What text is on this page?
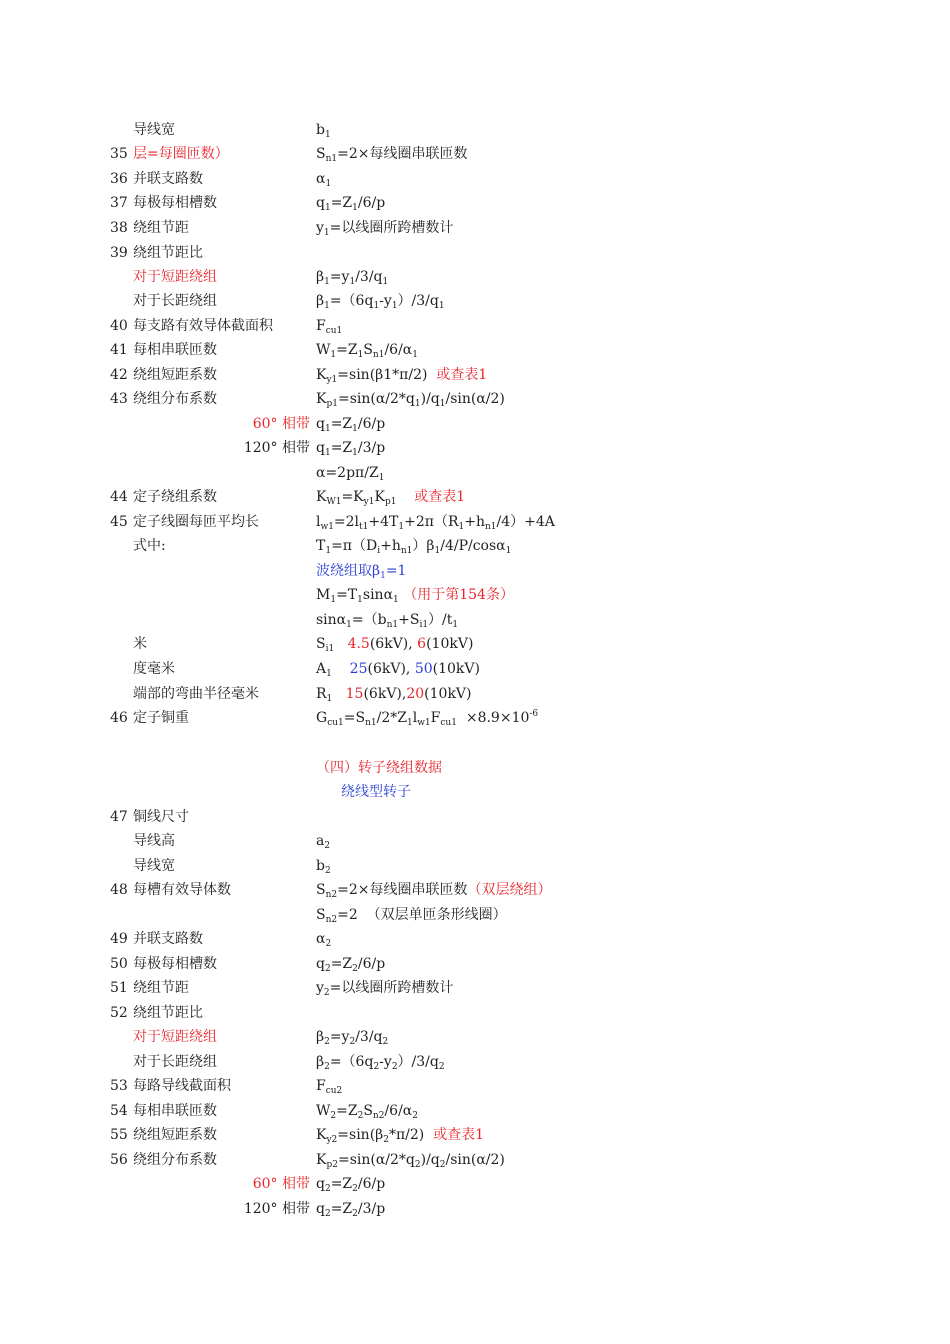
导线宽	$b_1$
35 层=每圈匝数）	$S_{n1}=2\times$每线圈串联匝数
36 并联支路数	$\alpha_1$
37 每极每相槽数	$q_1=Z_1/6/p$
38 绕组节距	$y_1=$以线圈所跨槽数计
39 绕组节距比
对于短距绕组	$\beta_1=y_1/3/q_1$
对于长距绕组	$\beta_1=(6q_1-y_1)/3/q_1$
40 每支路有效导体截面积	$F_{cu1}$
41 每相串联匝数	$W_1=Z_1S_{n1}/6/\alpha_1$
42 绕组短距系数	$K_{y1}=\sin(\beta 1*\pi/2)$ 或查表1
43 绕组分布系数	$K_{p1}=\sin(\alpha/2*q_1)/q_1/\sin(\alpha/2)$
60° 相带 $q_1=Z_1/6/p$
120° 相带 $q_1=Z_1/3/p$
$\alpha=2p\pi/Z_1$
44 定子绕组系数	$K_{W1}=K_{y1}K_{p1}$ 或查表1
45 定子线圈每匝平均长	$l_{w1}=2l_{t1}+4T_1+2\pi(R_1+h_{n1}/4)+4A$
式中:	$T_1=\pi(D_i+h_{n1})\beta_1/4/P/\cos\alpha_1$
波绕组取$\beta_1=1$
$M_1=T_1\sin\alpha_1$ （用于第154条）
$\sin\alpha_1=(b_{n1}+S_{i1})/t_1$
米	$S_{i1}$ 4.5(6kV), 6(10kV)
度毫米	$A_1$ 25(6kV), 50(10kV)
端部的弯曲半径毫米	$R_1$ 15(6kV),20(10kV)
46 定子铜重	$G_{cu1}=S_{n1}/2*Z_1l_{w1}F_{cu1} \times 8.9\times 10^{-6}$
（四）转子绕组数据
绕线型转子
47 铜线尺寸
导线高	$a_2$
导线宽	$b_2$
48 每槽有效导体数	$S_{n2}=2\times$每线圈串联匝数（双层绕组）
$S_{n2}=2$  （双层单匝条形线圈）
49 并联支路数	$\alpha_2$
50 每极每相槽数	$q_2=Z_2/6/p$
51 绕组节距	$y_2=$以线圈所跨槽数计
52 绕组节距比
对于短距绕组	$\beta_2=y_2/3/q_2$
对于长距绕组	$\beta_2=(6q_2-y_2)/3/q_2$
53 每路导线截面积	$F_{cu2}$
54 每相串联匝数	$W_2=Z_2S_{n2}/6/\alpha_2$
55 绕组短距系数	$K_{y2}=\sin(\beta_2*\pi/2)$ 或查表1
56 绕组分布系数	$K_{p2}=\sin(\alpha/2*q_2)/q_2/\sin(\alpha/2)$
60° 相带 $q_2=Z_2/6/p$
120° 相带 $q_2=Z_2/3/p$
